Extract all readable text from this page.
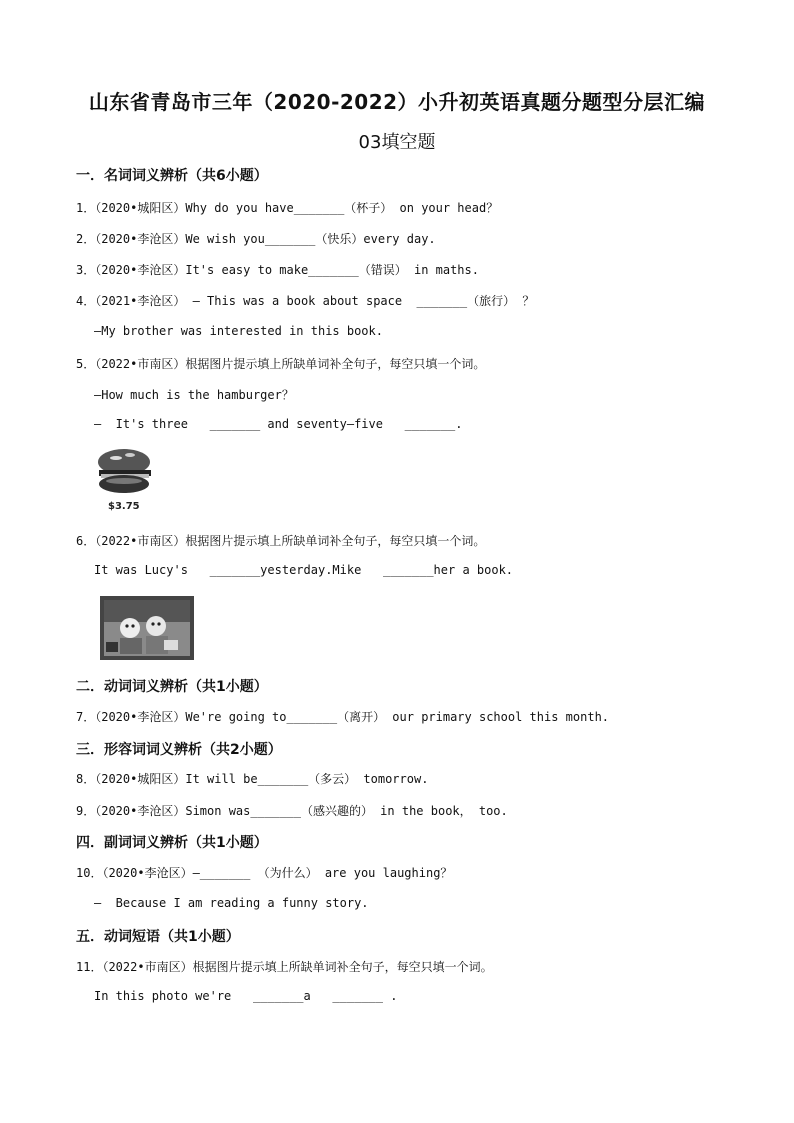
山东省青岛市三年（2020-2022）小升初英语真题分题型分层汇编
03填空题
一．名词词义辨析（共6小题）
1．（2020•城阳区）Why do you have_______（杯子） on your head？
2．（2020•李沧区）We wish you_______（快乐）every day.
3．（2020•李沧区）It's easy to make_______（错误） in maths.
4．（2021•李沧区） – This was a book about space  _______（旅行） ？
–My brother was interested in this book.
5．（2022•市南区）根据图片提示填上所缺单词补全句子，每空只填一个词。
–How much is the hamburger？
–  It's three   _______ and seventy–five   _______.
$3.75
6．（2022•市南区）根据图片提示填上所缺单词补全句子，每空只填一个词。
It was Lucy's   _______yesterday.Mike   _______her a book.
二．动词词义辨析（共1小题）
7．（2020•李沧区）We're going to_______（离开） our primary school this month.
三．形容词词义辨析（共2小题）
8．（2020•城阳区）It will be_______（多云） tomorrow.
9．（2020•李沧区）Simon was_______（感兴趣的） in the book， too.
四．副词词义辨析（共1小题）
10．（2020•李沧区）–_______ （为什么） are you laughing？
–  Because I am reading a funny story.
五．动词短语（共1小题）
11．（2022•市南区）根据图片提示填上所缺单词补全句子，每空只填一个词。
In this photo we're   _______a   _______ .
